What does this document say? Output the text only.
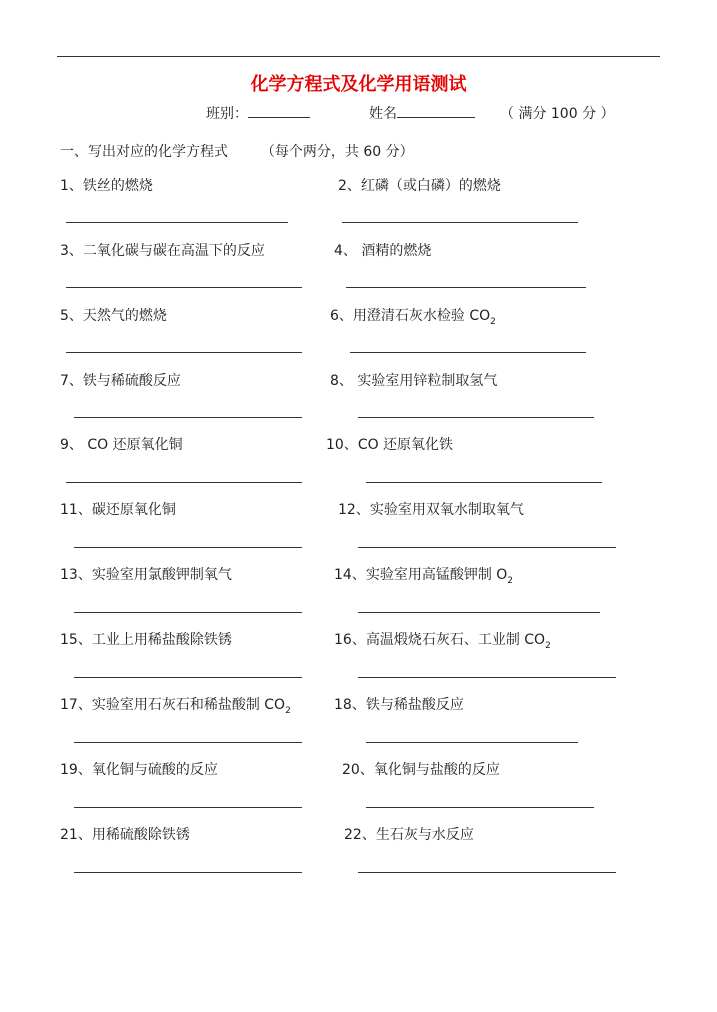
化学方程式及化学用语测试
班别：	姓名	（ 满分 100 分 ）
一、写出对应的化学方程式 （每个两分，共 60 分）
1、铁丝的燃烧	2、红磷（或白磷）的燃烧
3、二氧化碳与碳在高温下的反应	4、 酒精的燃烧
5、天然气的燃烧	6、用澄清石灰水检验 $CO_2$
7、铁与稀硫酸反应	8、 实验室用锌粒制取氢气
9、 CO 还原氧化铜	10、CO 还原氧化铁
11、碳还原氧化铜	12、实验室用双氧水制取氧气
13、实验室用氯酸钾制氧气	14、实验室用高锰酸钾制 $O_2$
15、工业上用稀盐酸除铁锈	16、高温煅烧石灰石、工业制 $CO_2$
17、实验室用石灰石和稀盐酸制 $CO_2$	18、铁与稀盐酸反应
19、氧化铜与硫酸的反应	20、氧化铜与盐酸的反应
21、用稀硫酸除铁锈	22、生石灰与水反应
